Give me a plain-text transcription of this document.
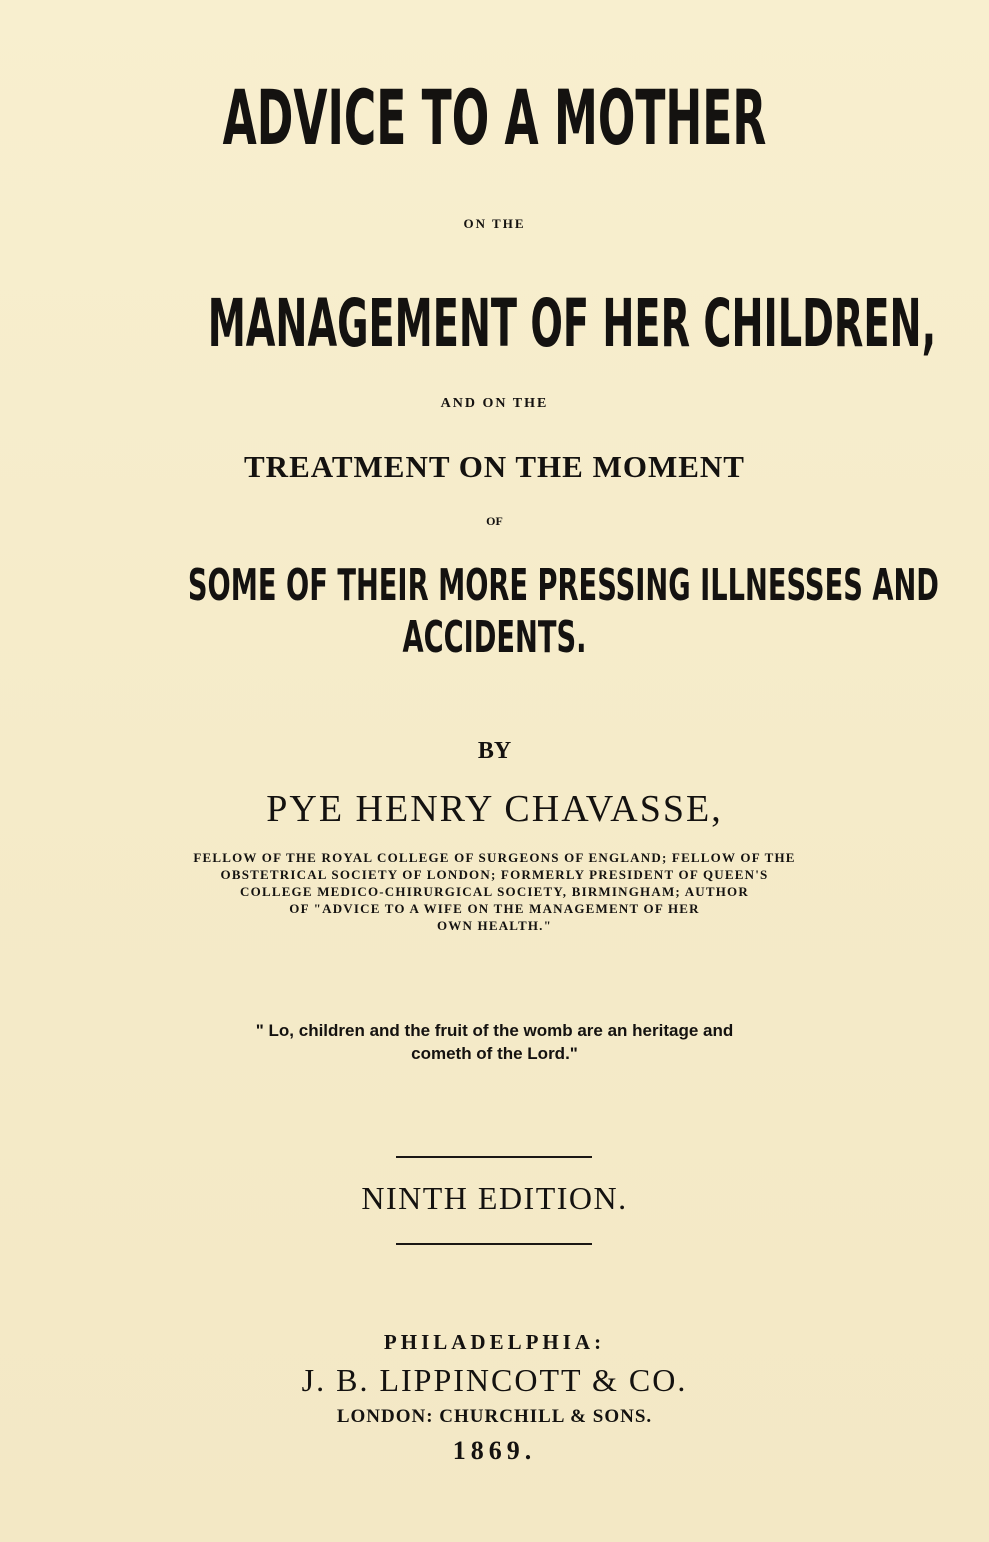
ADVICE TO A MOTHER

ON THE

MANAGEMENT OF HER CHILDREN,

AND ON THE

TREATMENT ON THE MOMENT

OF

SOME OF THEIR MORE PRESSING ILLNESSES AND

ACCIDENTS.

BY

PYE HENRY CHAVASSE,

FELLOW OF THE ROYAL COLLEGE OF SURGEONS OF ENGLAND; FELLOW OF THE

OBSTETRICAL SOCIETY OF LONDON; FORMERLY PRESIDENT OF QUEEN'S

COLLEGE MEDICO-CHIRURGICAL SOCIETY, BIRMINGHAM; AUTHOR

OF "ADVICE TO A WIFE ON THE MANAGEMENT OF HER

OWN HEALTH."

" Lo, children and the fruit of the womb are an heritage and

cometh of the Lord."

NINTH EDITION.

PHILADELPHIA:

J. B. LIPPINCOTT & CO.

LONDON: CHURCHILL & SONS.

1869.
